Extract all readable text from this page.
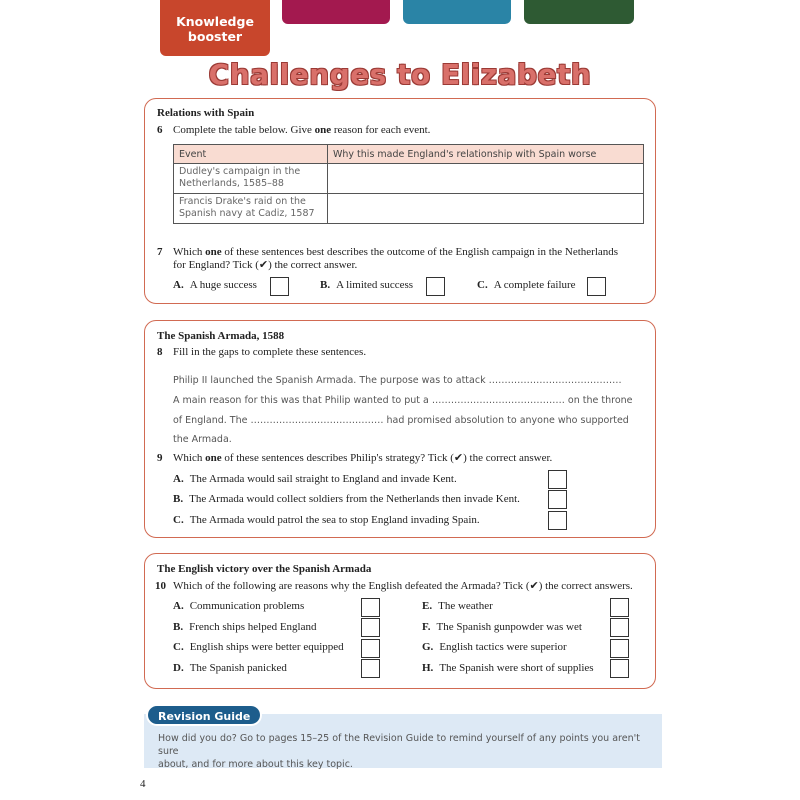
Knowledge
booster
Challenges to Elizabeth
Relations with Spain
6 Complete the table below. Give one reason for each event.
Event	Why this made England's relationship with Spain worse
Dudley's campaign in the
Netherlands, 1585–88	
Francis Drake's raid on the
Spanish navy at Cadiz, 1587	
7 Which one of these sentences best describes the outcome of the English campaign in the Netherlands
for England? Tick (✔) the correct answer.
A. A huge success	B. A limited success	C. A complete failure
The Spanish Armada, 1588
8 Fill in the gaps to complete these sentences.
Philip II launched the Spanish Armada. The purpose was to attack ……………………………………
A main reason for this was that Philip wanted to put a …………………………………… on the throne
of England. The …………………………………… had promised absolution to anyone who supported
the Armada.
9 Which one of these sentences describes Philip's strategy? Tick (✔) the correct answer.
A. The Armada would sail straight to England and invade Kent.
B. The Armada would collect soldiers from the Netherlands then invade Kent.
C. The Armada would patrol the sea to stop England invading Spain.
The English victory over the Spanish Armada
10 Which of the following are reasons why the English defeated the Armada? Tick (✔) the correct answers.
A. Communication problems
B. French ships helped England
C. English ships were better equipped
D. The Spanish panicked
E. The weather
F. The Spanish gunpowder was wet
G. English tactics were superior
H. The Spanish were short of supplies
Revision Guide
How did you do? Go to pages 15–25 of the Revision Guide to remind yourself of any points you aren't sure
about, and for more about this key topic.
4
